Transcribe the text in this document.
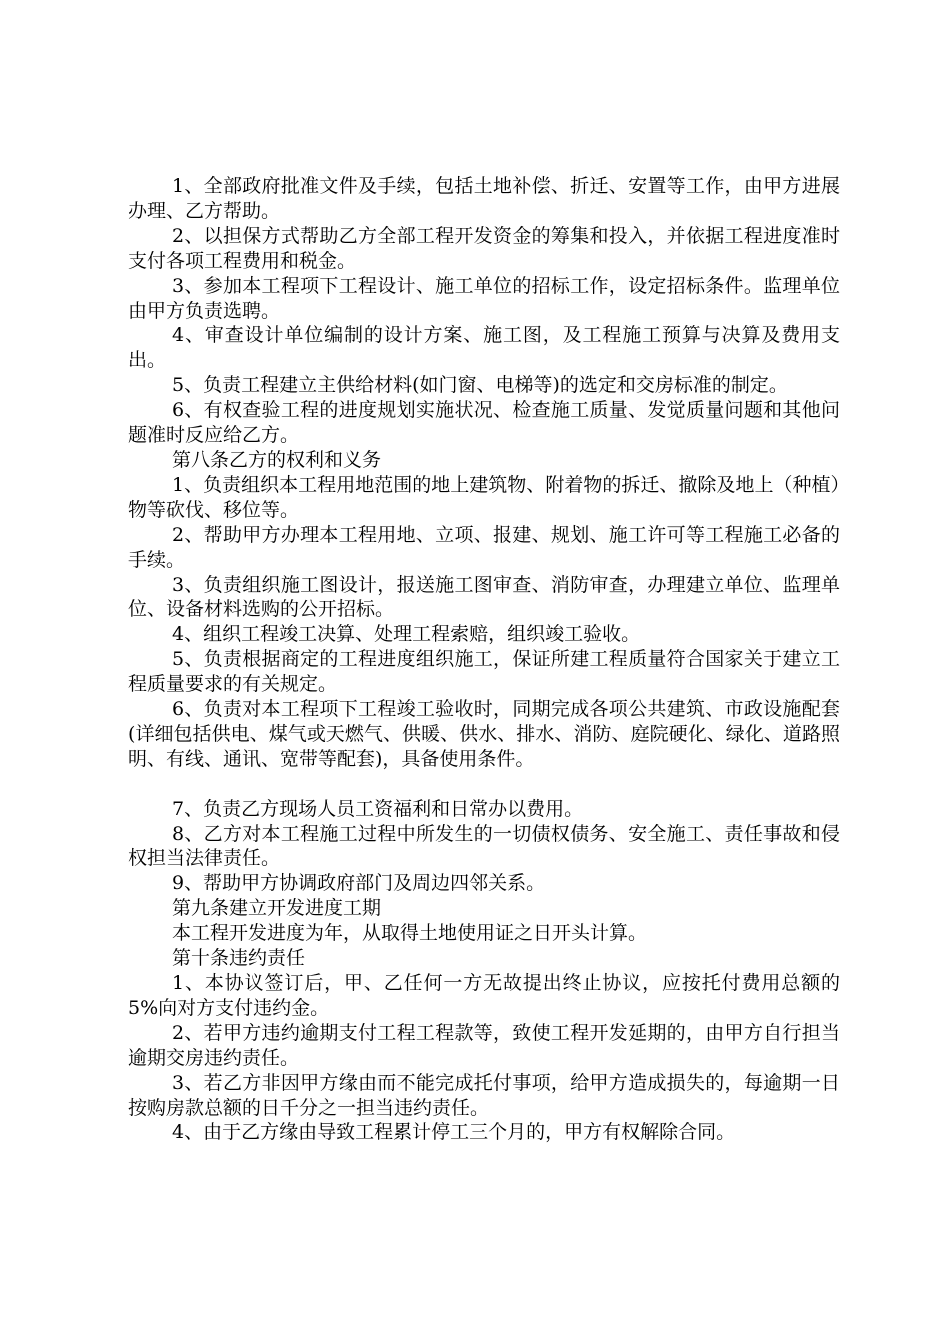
1、全部政府批准文件及手续，包括土地补偿、折迁、安置等工作，由甲方进展办理、乙方帮助。

2、以担保方式帮助乙方全部工程开发资金的筹集和投入，并依据工程进度准时支付各项工程费用和税金。

3、参加本工程项下工程设计、施工单位的招标工作，设定招标条件。监理单位由甲方负责选聘。

4、审查设计单位编制的设计方案、施工图，及工程施工预算与决算及费用支出。

5、负责工程建立主供给材料(如门窗、电梯等)的选定和交房标准的制定。

6、有权查验工程的进度规划实施状况、检查施工质量、发觉质量问题和其他问题准时反应给乙方。

第八条乙方的权利和义务

1、负责组织本工程用地范围的地上建筑物、附着物的拆迁、撤除及地上（种植）物等砍伐、移位等。

2、帮助甲方办理本工程用地、立项、报建、规划、施工许可等工程施工必备的手续。

3、负责组织施工图设计，报送施工图审查、消防审查，办理建立单位、监理单位、设备材料选购的公开招标。

4、组织工程竣工决算、处理工程索赔，组织竣工验收。

5、负责根据商定的工程进度组织施工，保证所建工程质量符合国家关于建立工程质量要求的有关规定。

6、负责对本工程项下工程竣工验收时，同期完成各项公共建筑、市政设施配套(详细包括供电、煤气或天燃气、供暖、供水、排水、消防、庭院硬化、绿化、道路照明、有线、通讯、宽带等配套)，具备使用条件。

7、负责乙方现场人员工资福利和日常办以费用。

8、乙方对本工程施工过程中所发生的一切债权债务、安全施工、责任事故和侵权担当法律责任。

9、帮助甲方协调政府部门及周边四邻关系。

第九条建立开发进度工期

本工程开发进度为年，从取得土地使用证之日开头计算。

第十条违约责任

1、本协议签订后，甲、乙任何一方无故提出终止协议，应按托付费用总额的5%向对方支付违约金。

2、若甲方违约逾期支付工程工程款等，致使工程开发延期的，由甲方自行担当逾期交房违约责任。

3、若乙方非因甲方缘由而不能完成托付事项，给甲方造成损失的，每逾期一日按购房款总额的日千分之一担当违约责任。

4、由于乙方缘由导致工程累计停工三个月的，甲方有权解除合同。
